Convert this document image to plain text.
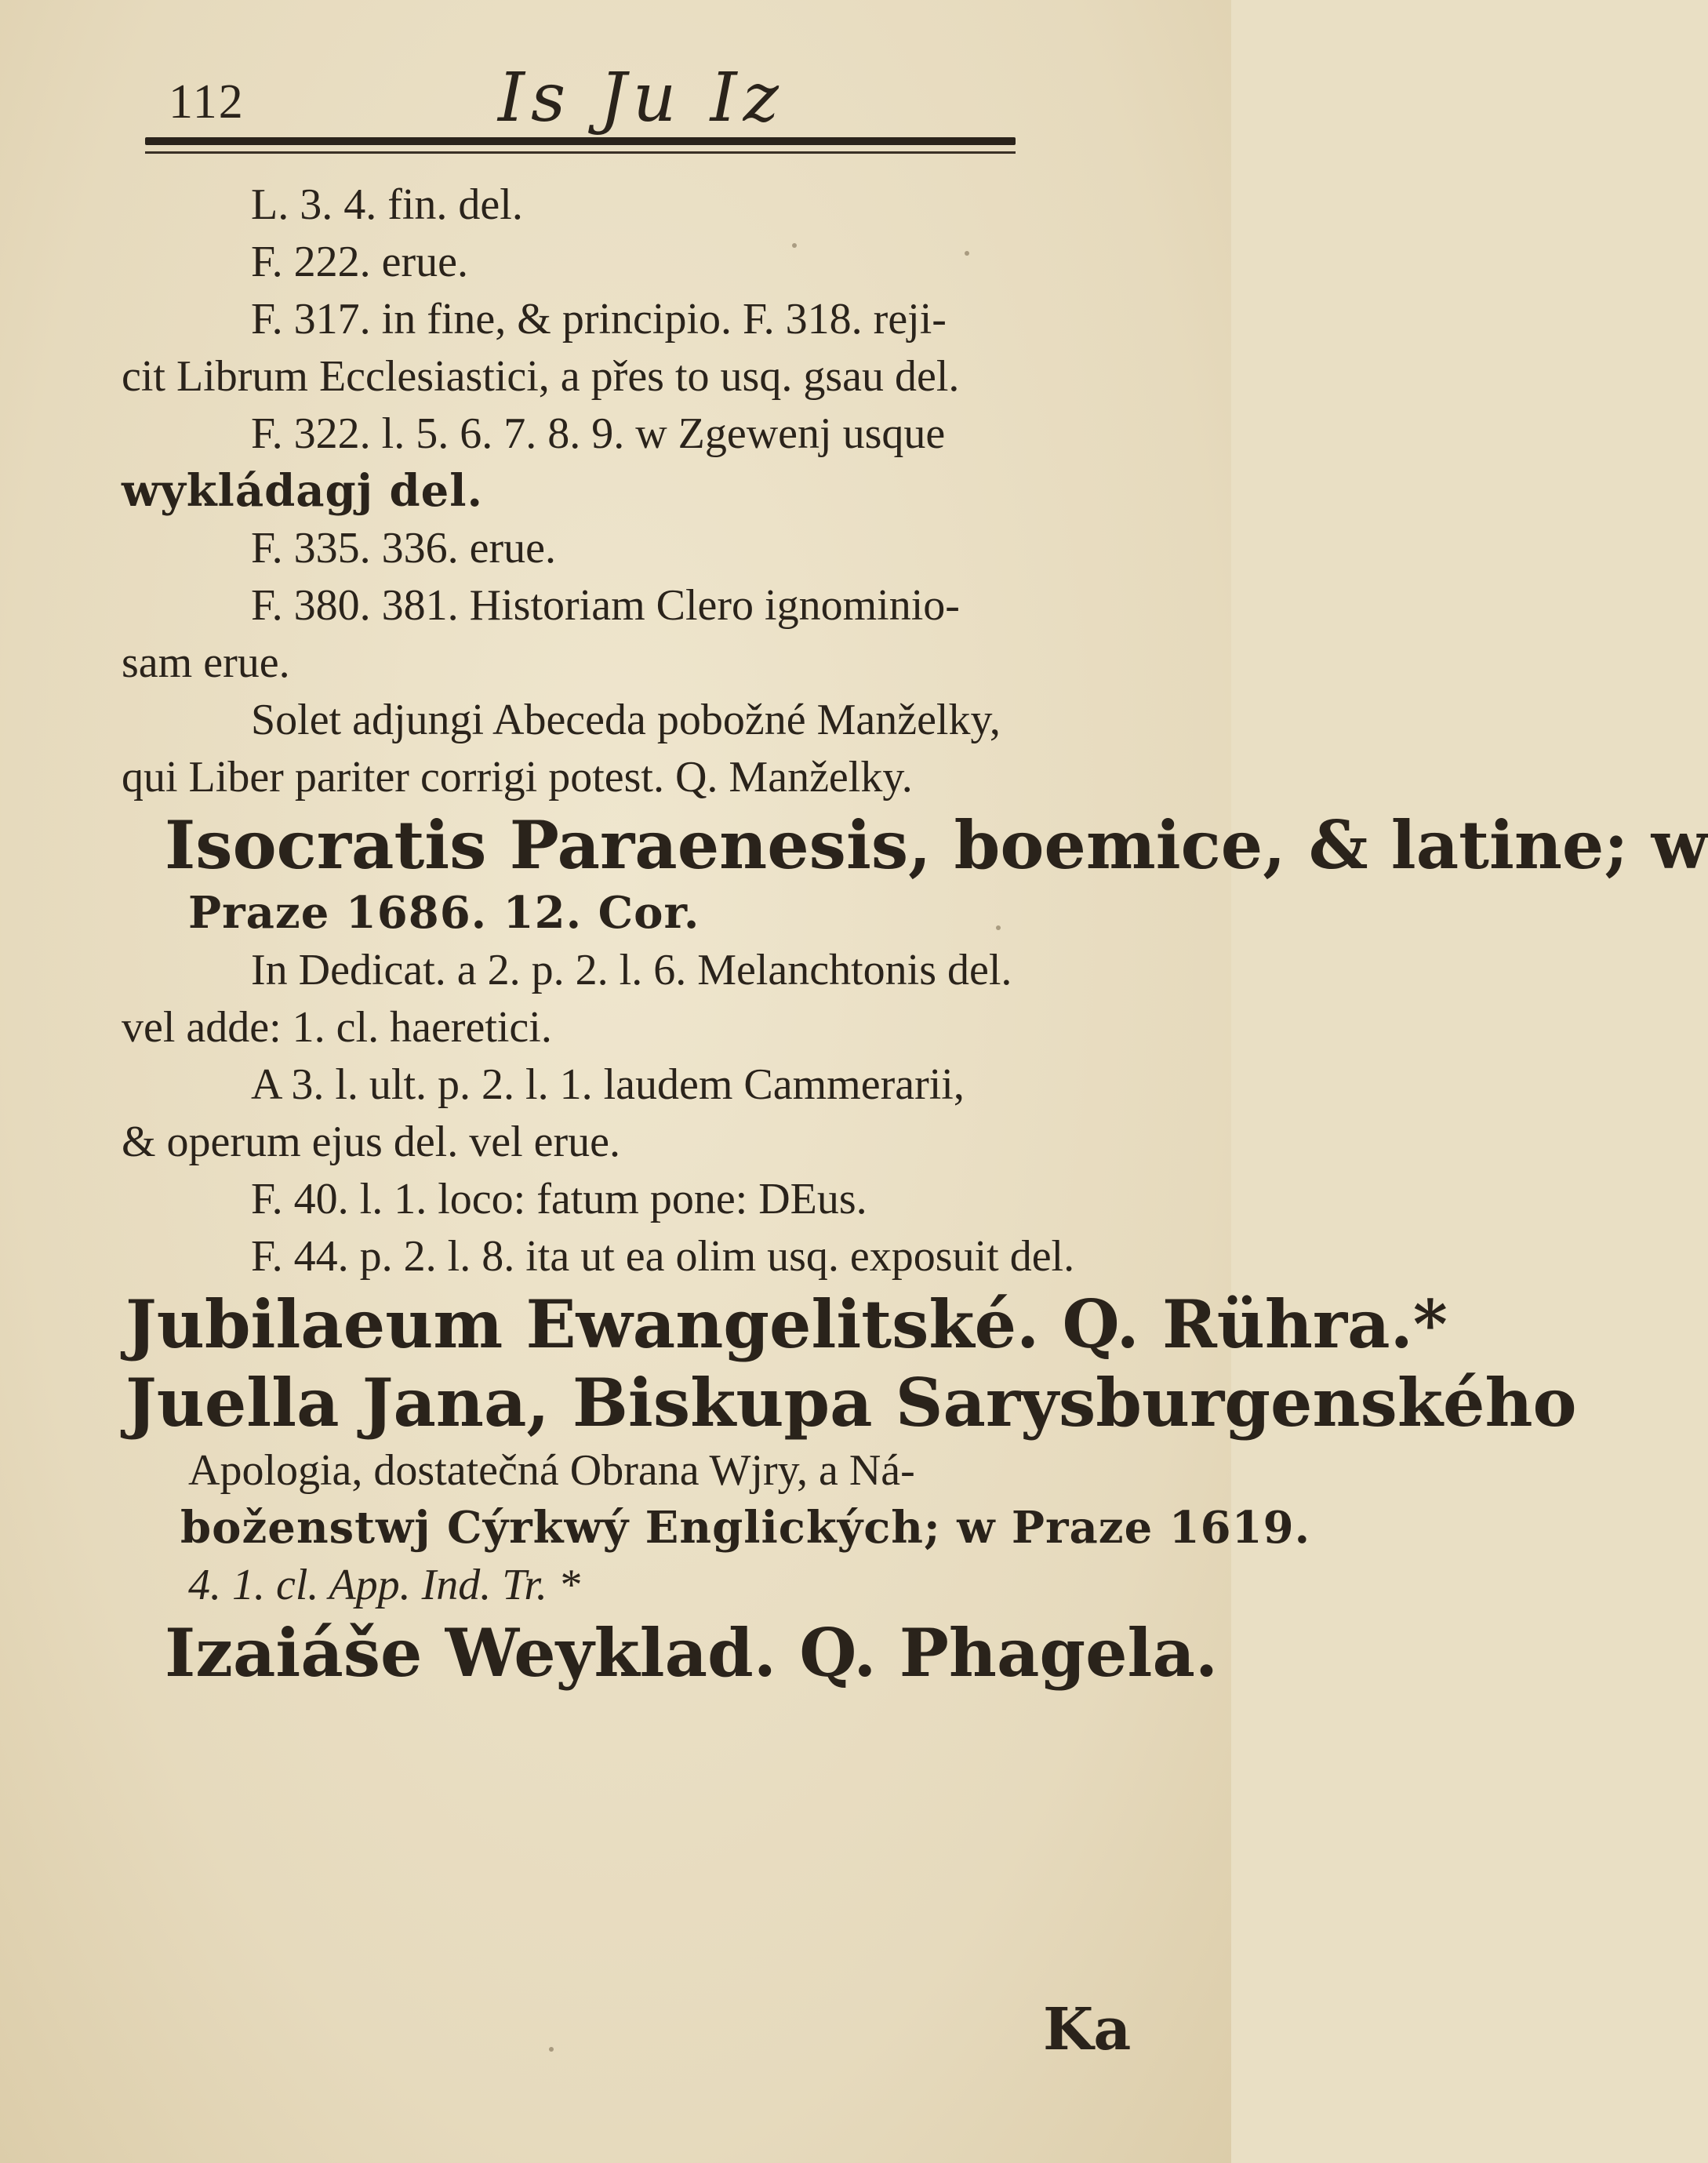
112	Is Ju Iz
L. 3. 4. fin. del.
F. 222. erue.
F. 317. in fine, & principio. F. 318. reji-
cit Librum Ecclesiastici, a přes to usq. gsau del.
F. 322. l. 5. 6. 7. 8. 9. w Zgewenj usque
wykládagj del.
F. 335. 336. erue.
F. 380. 381. Historiam Clero ignominio-
sam erue.
Solet adjungi Abeceda pobožné Manželky,
qui Liber pariter corrigi potest. Q. Manželky.
Isocratis Paraenesis, boemice, & latine; w
Praze 1686. 12. Cor.
In Dedicat. a 2. p. 2. l. 6. Melanchtonis del.
vel adde: 1. cl. haeretici.
A 3. l. ult. p. 2. l. 1. laudem Cammerarii,
& operum ejus del. vel erue.
F. 40. l. 1. loco: fatum pone: DEus.
F. 44. p. 2. l. 8. ita ut ea olim usq. exposuit del.
Jubilaeum Ewangelitské. Q. Rühra.*
Juella Jana, Biskupa Sarysburgenského
Apologia, dostatečná Obrana Wjry, a Ná-
boženstwj Cýrkwý Englických; w Praze 1619.
4. 1. cl. App. Ind. Tr. *
Izaiáše Weyklad. Q. Phagela.
Ka
